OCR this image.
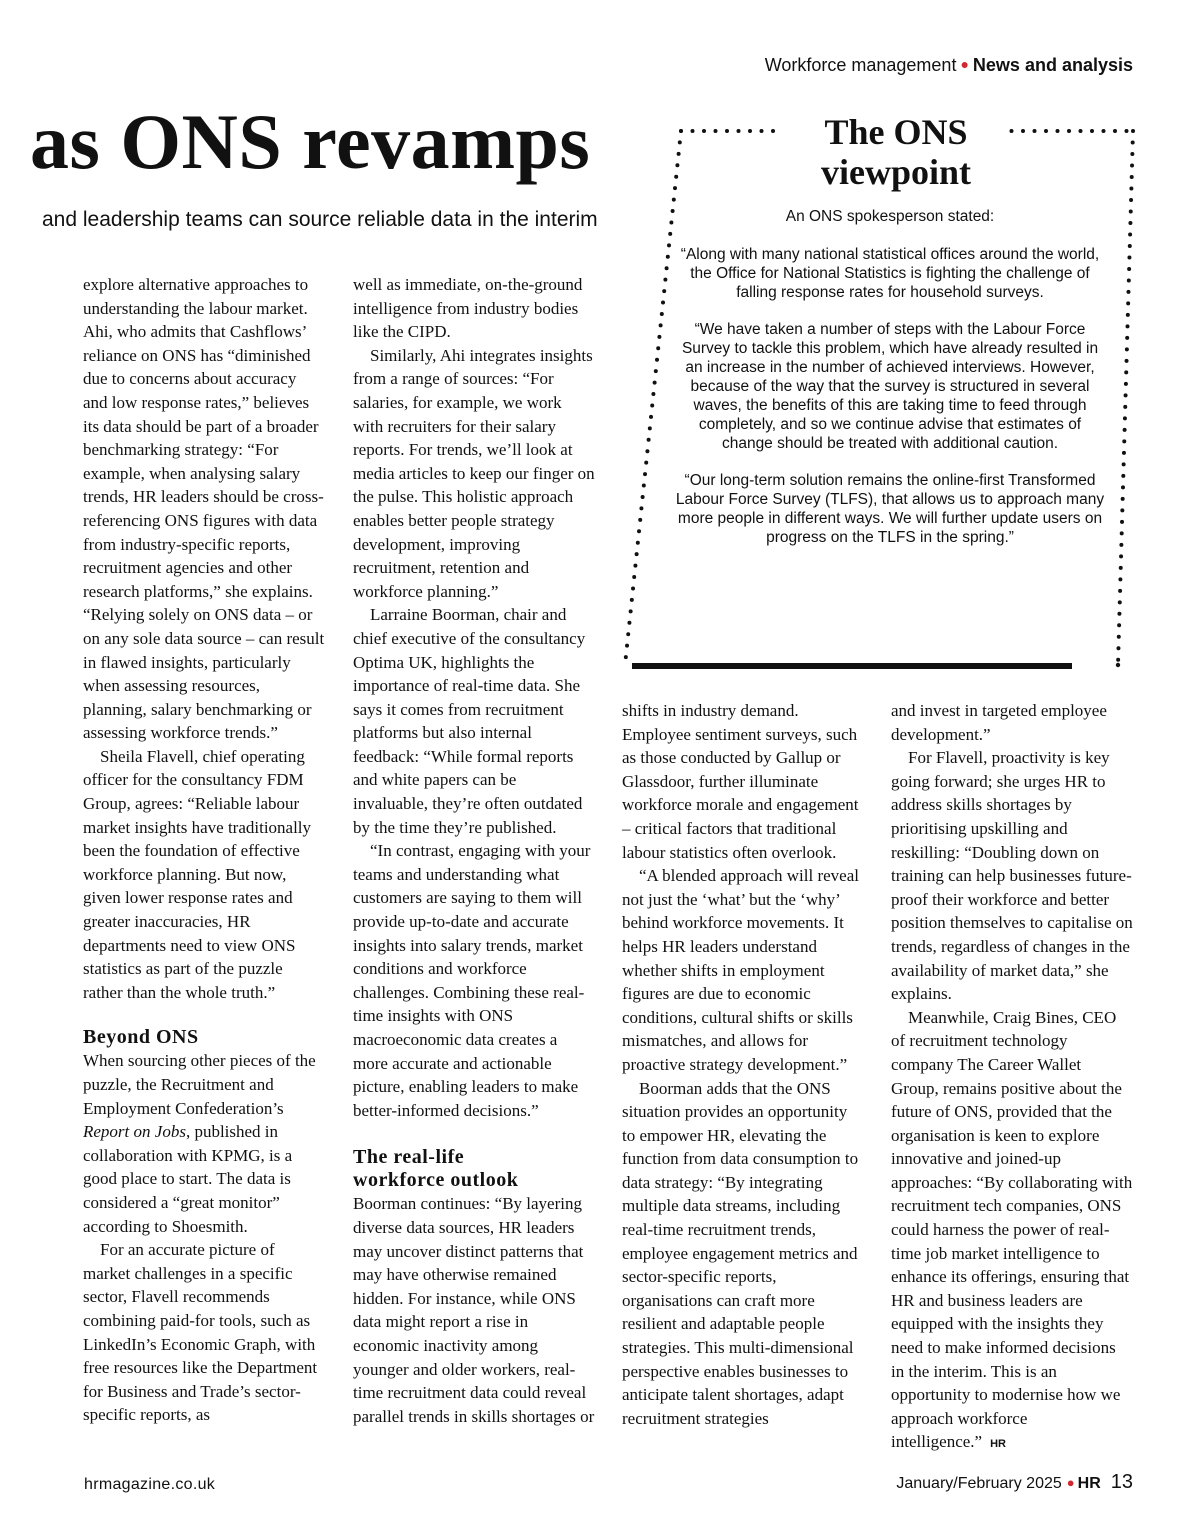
Workforce management ● News and analysis
as ONS revamps

and leadership teams can source reliable data in the interim

explore alternative approaches to understanding the labour market. Ahi, who admits that Cashflows’ reliance on ONS has “diminished due to concerns about accuracy and low response rates,” believes its data should be part of a broader benchmarking strategy: “For example, when analysing salary trends, HR leaders should be cross-referencing ONS figures with data from industry-specific reports, recruitment agencies and other research platforms,” she explains. “Relying solely on ONS data – or on any sole data source – can result in flawed insights, particularly when assessing resources, planning, salary benchmarking or assessing workforce trends.”

Sheila Flavell, chief operating officer for the consultancy FDM Group, agrees: “Reliable labour market insights have traditionally been the foundation of effective workforce planning. But now, given lower response rates and greater inaccuracies, HR departments need to view ONS statistics as part of the puzzle rather than the whole truth.”

Beyond ONS

When sourcing other pieces of the puzzle, the Recruitment and Employment Confederation’s Report on Jobs, published in collaboration with KPMG, is a good place to start. The data is considered a “great monitor” according to Shoesmith.

For an accurate picture of market challenges in a specific sector, Flavell recommends combining paid-for tools, such as LinkedIn’s Economic Graph, with free resources like the Department for Business and Trade’s sector-specific reports, as

well as immediate, on-the-ground intelligence from industry bodies like the CIPD.

Similarly, Ahi integrates insights from a range of sources: “For salaries, for example, we work with recruiters for their salary reports. For trends, we’ll look at media articles to keep our finger on the pulse. This holistic approach enables better people strategy development, improving recruitment, retention and workforce planning.”

Larraine Boorman, chair and chief executive of the consultancy Optima UK, highlights the importance of real-time data. She says it comes from recruitment platforms but also internal feedback: “While formal reports and white papers can be invaluable, they’re often outdated by the time they’re published.

“In contrast, engaging with your teams and understanding what customers are saying to them will provide up-to-date and accurate insights into salary trends, market conditions and workforce challenges. Combining these real-time insights with ONS macroeconomic data creates a more accurate and actionable picture, enabling leaders to make better-informed decisions.”

The real-life
workforce outlook

Boorman continues: “By layering diverse data sources, HR leaders may uncover distinct patterns that may have otherwise remained hidden. For instance, while ONS data might report a rise in economic inactivity among younger and older workers, real-time recruitment data could reveal parallel trends in skills shortages or

shifts in industry demand. Employee sentiment surveys, such as those conducted by Gallup or Glassdoor, further illuminate workforce morale and engagement – critical factors that traditional labour statistics often overlook.

“A blended approach will reveal not just the ‘what’ but the ‘why’ behind workforce movements. It helps HR leaders understand whether shifts in employment figures are due to economic conditions, cultural shifts or skills mismatches, and allows for proactive strategy development.”

Boorman adds that the ONS situation provides an opportunity to empower HR, elevating the function from data consumption to data strategy: “By integrating multiple data streams, including real-time recruitment trends, employee engagement metrics and sector-specific reports, organisations can craft more resilient and adaptable people strategies. This multi-dimensional perspective enables businesses to anticipate talent shortages, adapt recruitment strategies

and invest in targeted employee development.”

For Flavell, proactivity is key going forward; she urges HR to address skills shortages by prioritising upskilling and reskilling: “Doubling down on training can help businesses future-proof their workforce and better position themselves to capitalise on trends, regardless of changes in the availability of market data,” she explains.

Meanwhile, Craig Bines, CEO of recruitment technology company The Career Wallet Group, remains positive about the future of ONS, provided that the organisation is keen to explore innovative and joined-up approaches: “By collaborating with recruitment tech companies, ONS could harness the power of real-time job market intelligence to enhance its offerings, ensuring that HR and business leaders are equipped with the insights they need to make informed decisions in the interim. This is an opportunity to modernise how we approach workforce intelligence.” HR

The ONS
viewpoint

An ONS spokesperson stated:

“Along with many national statistical offices around the world, the Office for National Statistics is fighting the challenge of falling response rates for household surveys.

“We have taken a number of steps with the Labour Force Survey to tackle this problem, which have already resulted in an increase in the number of achieved interviews. However, because of the way that the survey is structured in several waves, the benefits of this are taking time to feed through completely, and so we continue advise that estimates of change should be treated with additional caution.

“Our long-term solution remains the online-first Transformed Labour Force Survey (TLFS), that allows us to approach many more people in different ways. We will further update users on progress on the TLFS in the spring.”

hrmagazine.co.uk	January/February 2025 ● HR 13
